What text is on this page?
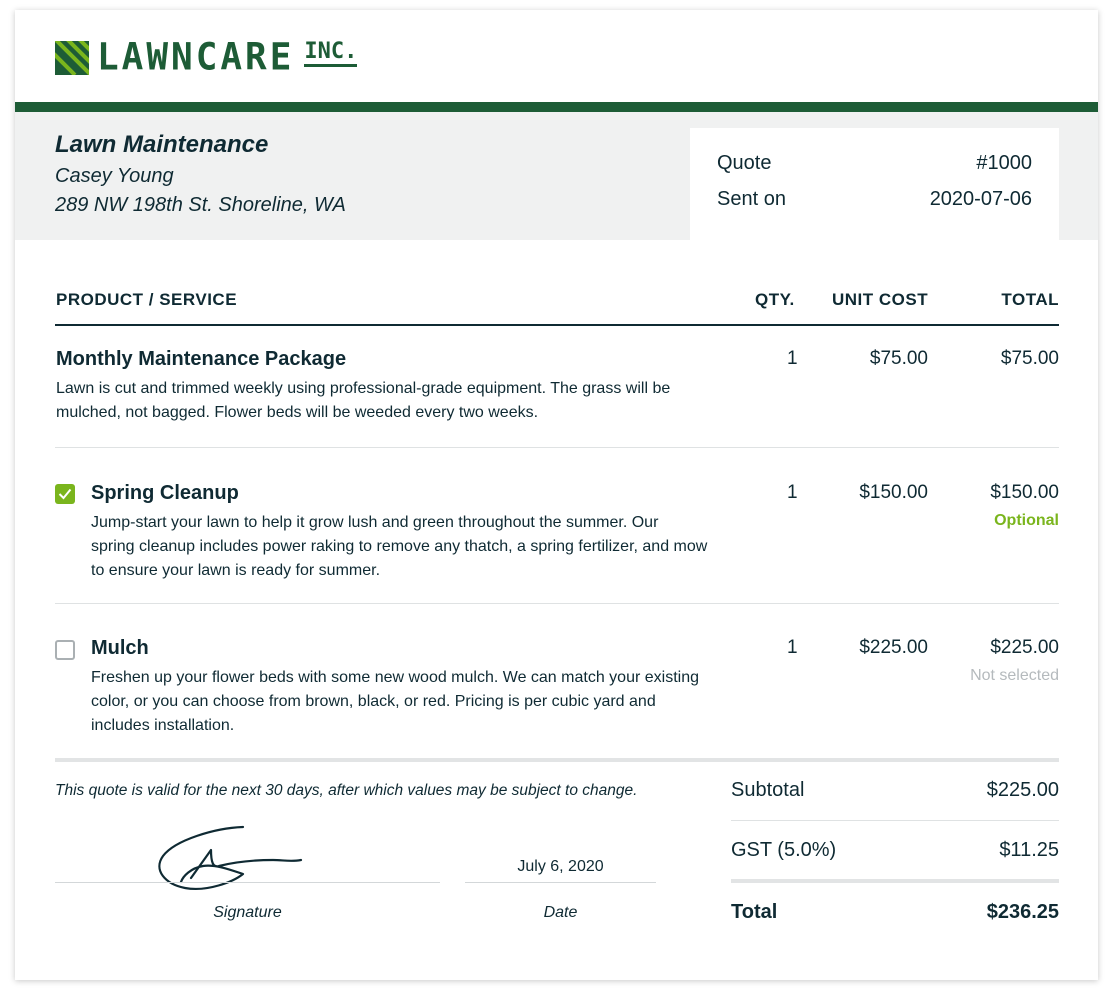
LAWNCARE INC.
Lawn Maintenance
Casey Young
289 NW 198th St. Shoreline, WA
Quote	#1000
Sent on	2020-07-06
PRODUCT / SERVICE	QTY. UNIT COST	TOTAL
Monthly Maintenance Package
Lawn is cut and trimmed weekly using professional-grade equipment. The grass will be
mulched, not bagged. Flower beds will be weeded every two weeks.
1	$75.00	$75.00
Spring Cleanup
Jump-start your lawn to help it grow lush and green throughout the summer. Our
spring cleanup includes power raking to remove any thatch, a spring fertilizer, and mow
to ensure your lawn is ready for summer.
1	$150.00	$150.00
Optional
Mulch
Freshen up your flower beds with some new wood mulch. We can match your existing
color, or you can choose from brown, black, or red. Pricing is per cubic yard and
includes installation.
1	$225.00	$225.00
Not selected
This quote is valid for the next 30 days, after which values may be subject to change.
Signature
July 6, 2020
Date
Subtotal	$225.00
GST (5.0%)	$11.25
Total	$236.25
